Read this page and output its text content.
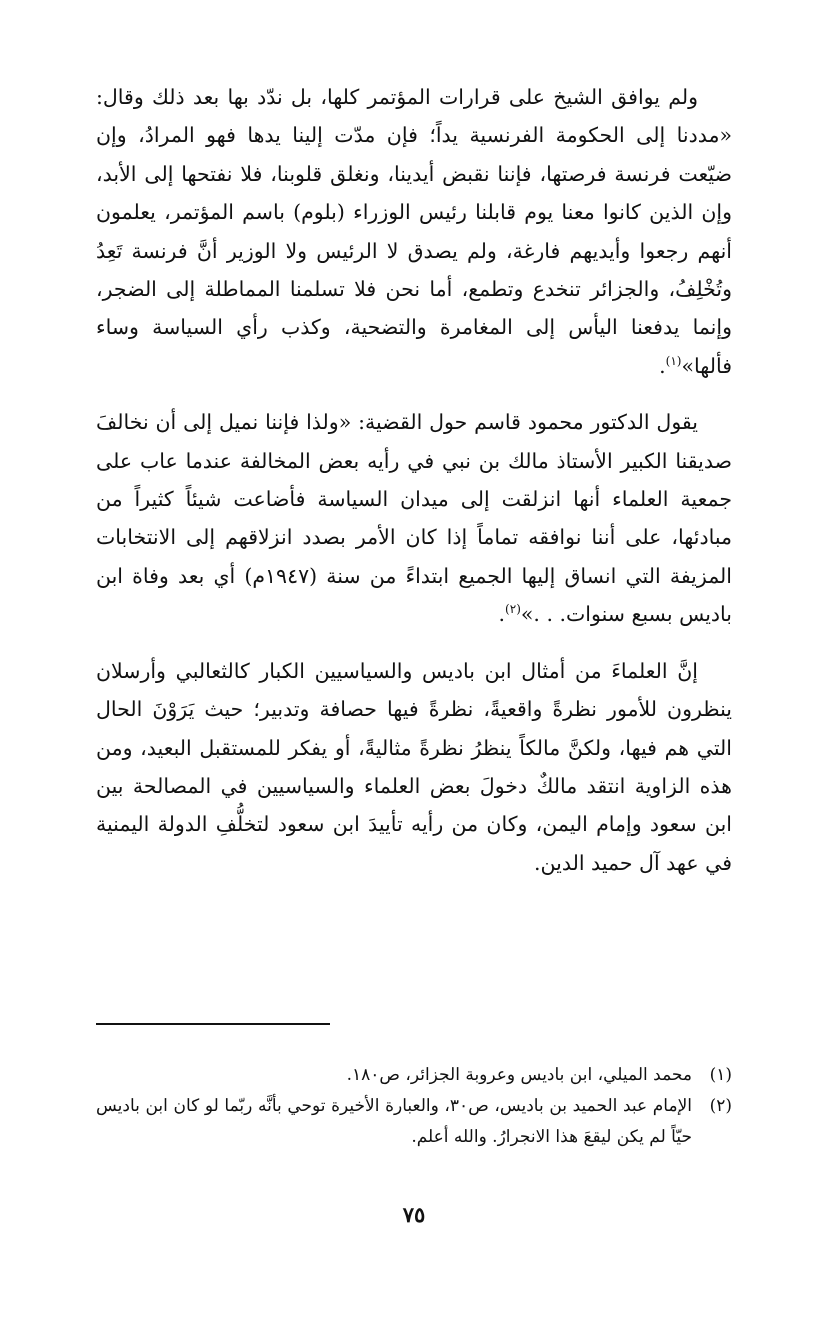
ولم يوافق الشيخ على قرارات المؤتمر كلها، بل ندّد بها بعد ذلك وقال: «مددنا إلى الحكومة الفرنسية يداً؛ فإن مدّت إلينا يدها فهو المرادُ، وإن ضيّعت فرنسة فرصتها، فإننا نقبض أيدينا، ونغلق قلوبنا، فلا نفتحها إلى الأبد، وإن الذين كانوا معنا يوم قابلنا رئيس الوزراء (بلوم) باسم المؤتمر، يعلمون أنهم رجعوا وأيديهم فارغة، ولم يصدق لا الرئيس ولا الوزير أنَّ فرنسة تَعِدُ وتُخْلِفُ، والجزائر تنخدع وتطمع، أما نحن فلا تسلمنا المماطلة إلى الضجر، وإنما يدفعنا اليأس إلى المغامرة والتضحية، وكذب رأي السياسة وساء فألها»$^{(١)}$.

يقول الدكتور محمود قاسم حول القضية: «ولذا فإننا نميل إلى أن نخالفَ صديقنا الكبير الأستاذ مالك بن نبي في رأيه بعض المخالفة عندما عاب على جمعية العلماء أنها انزلقت إلى ميدان السياسة فأضاعت شيئاً كثيراً من مبادئها، على أننا نوافقه تماماً إذا كان الأمر بصدد انزلاقهم إلى الانتخابات المزيفة التي انساق إليها الجميع ابتداءً من سنة (١٩٤٧م) أي بعد وفاة ابن باديس بسبع سنوات. . .»$^{(٢)}$.

إنَّ العلماءَ من أمثال ابن باديس والسياسيين الكبار كالثعالبي وأرسلان ينظرون للأمور نظرةً واقعيةً، نظرةً فيها حصافة وتدبير؛ حيث يَرَوْنَ الحال التي هم فيها، ولكنَّ مالكاً ينظرُ نظرةً مثاليةً، أو يفكر للمستقبل البعيد، ومن هذه الزاوية انتقد مالكٌ دخولَ بعض العلماء والسياسيين في المصالحة بين ابن سعود وإمام اليمن، وكان من رأيه تأييدَ ابن سعود لتخلُّفِ الدولة اليمنية في عهد آل حميد الدين.

(١)
محمد الميلي، ابن باديس وعروبة الجزائر، ص١٨٠.
(٢)
الإمام عبد الحميد بن باديس، ص٣٠، والعبارة الأخيرة توحي بأنَّه ربّما لو كان ابن باديس حيّاً لم يكن ليقعَ هذا الانجرارُ. والله أعلم.
٧٥
